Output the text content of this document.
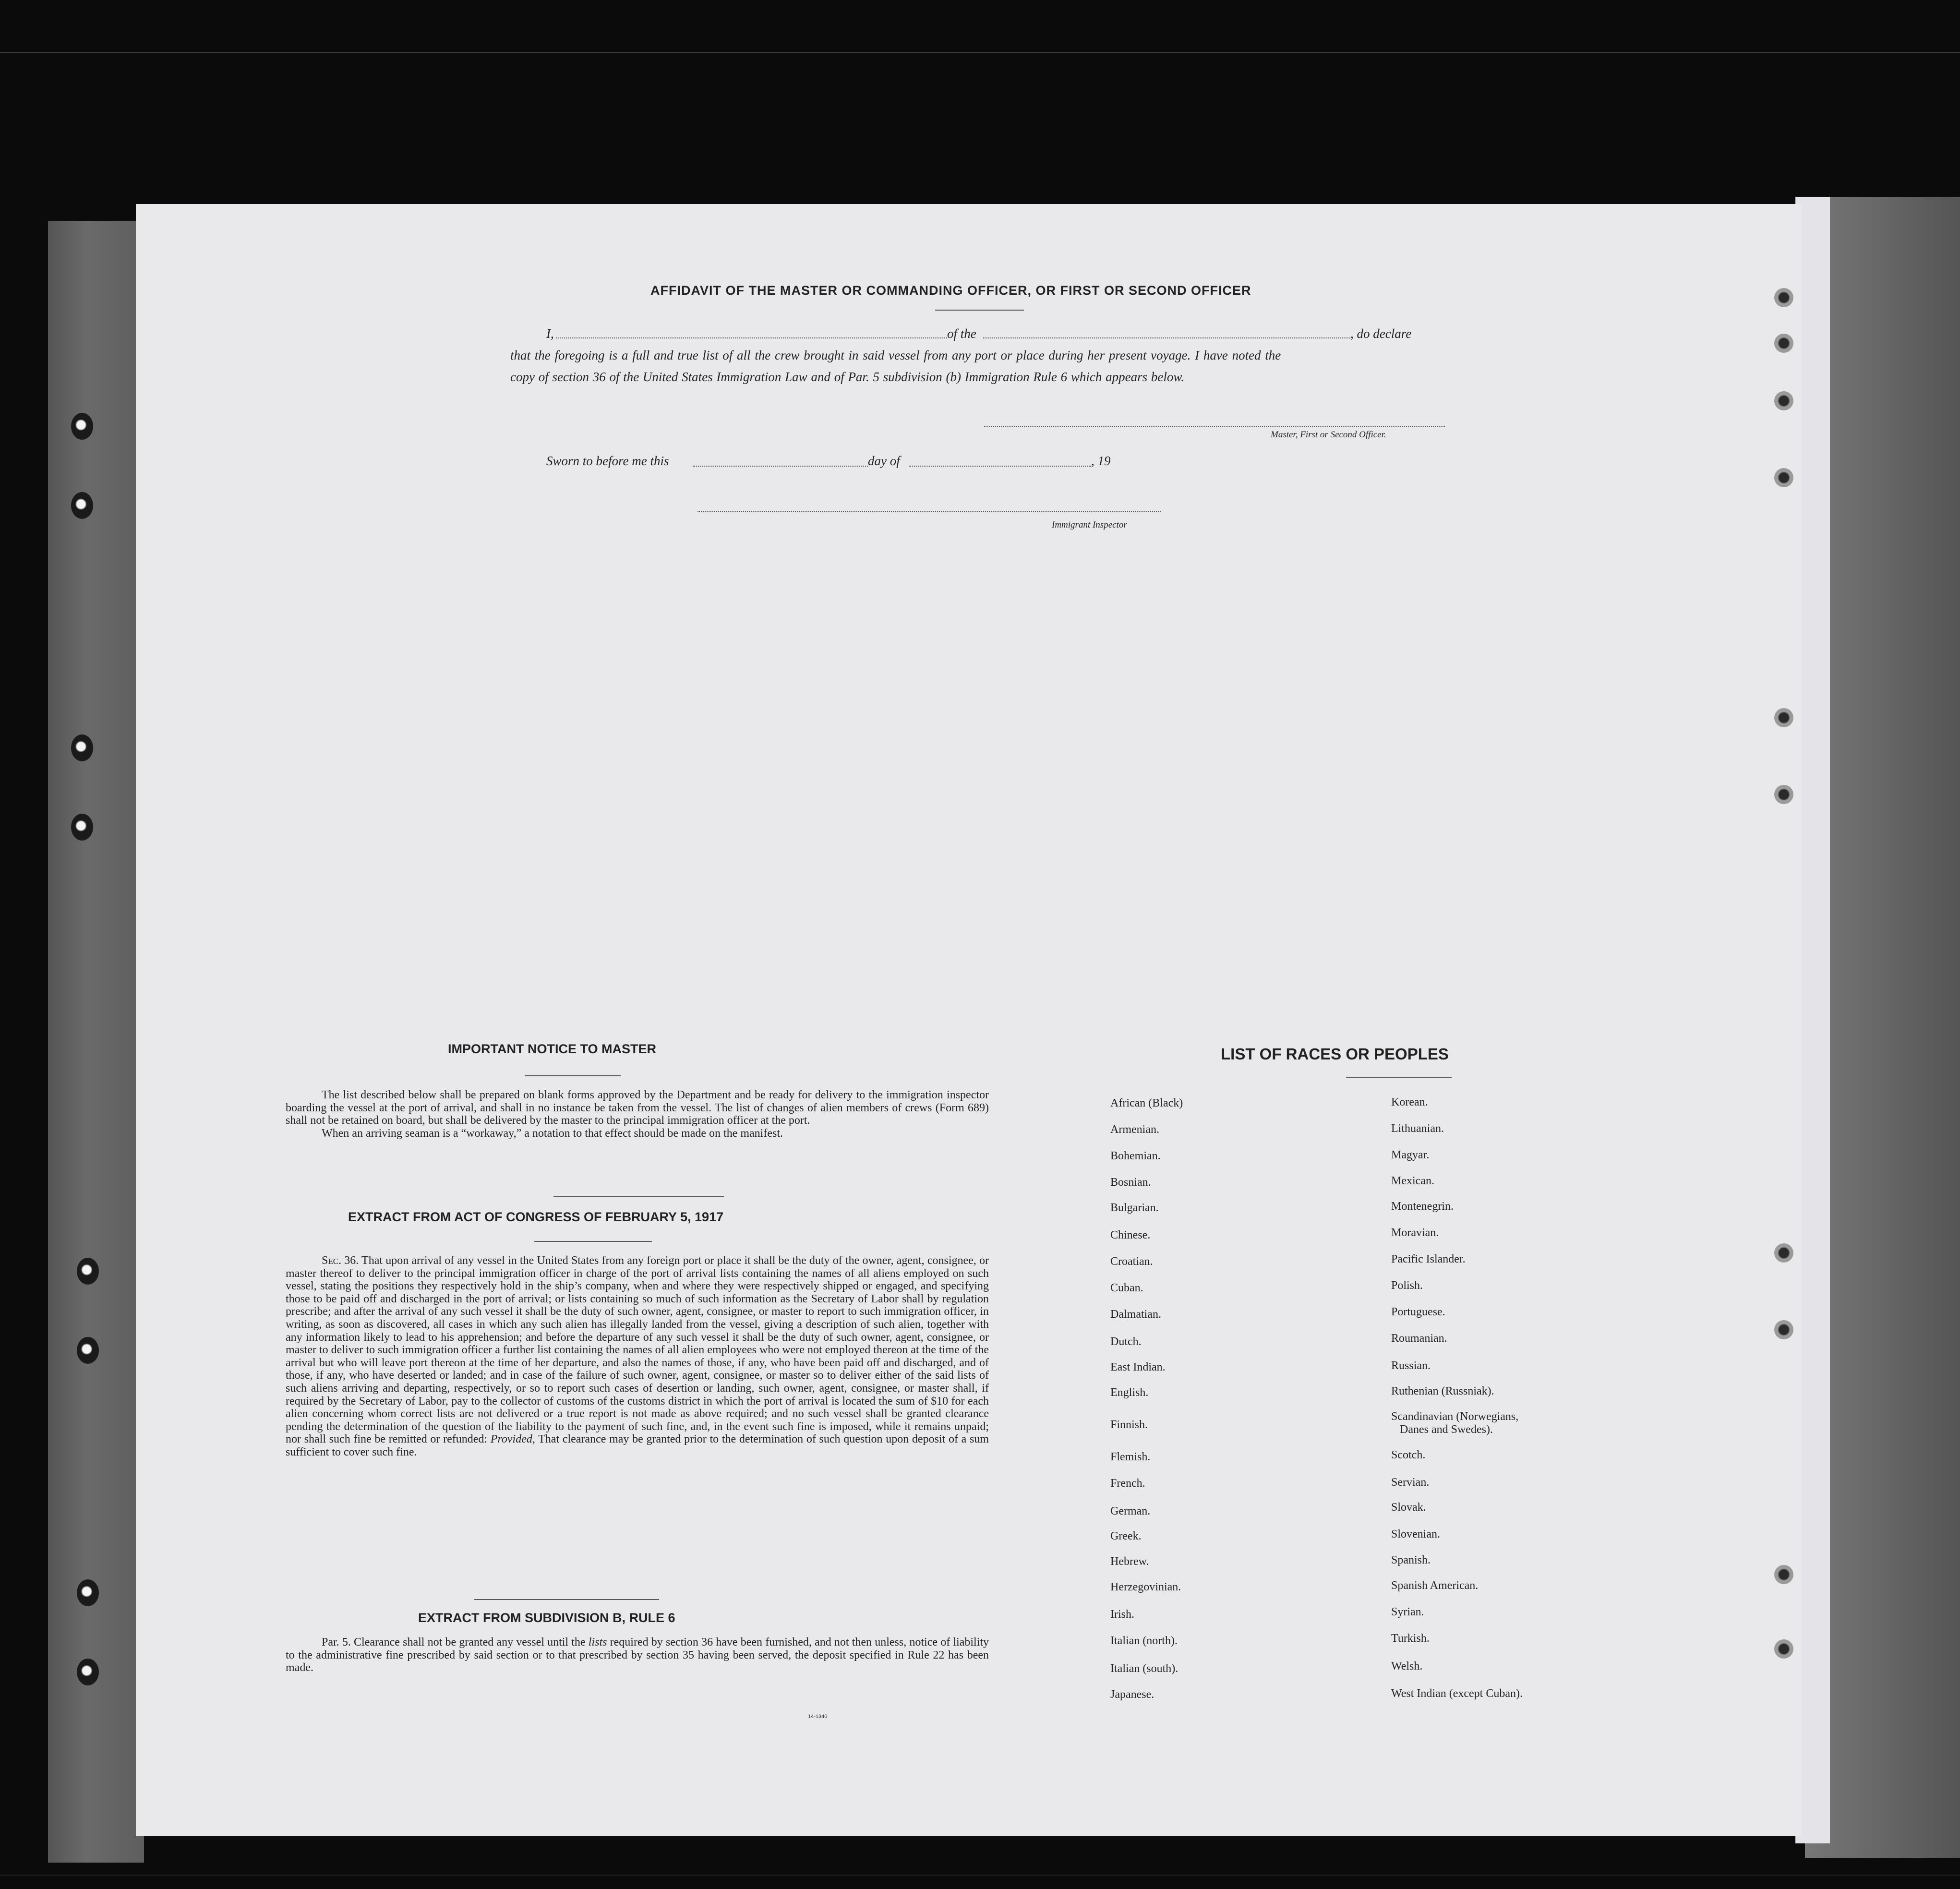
AFFIDAVIT OF THE MASTER OR COMMANDING OFFICER, OR FIRST OR SECOND OFFICER
I,	of the	, do declare
that the foregoing is a full and true list of all the crew brought in said vessel from any port or place during her present voyage. I have noted the
copy of section 36 of the United States Immigration Law and of Par. 5 subdivision (b) Immigration Rule 6 which appears below.
Master, First or Second Officer.
Sworn to before me this	day of	, 19
Immigrant Inspector
IMPORTANT NOTICE TO MASTER

The list described below shall be prepared on blank forms approved by the Department and be ready for delivery to the immigration inspector boarding the vessel at the port of arrival, and shall in no instance be taken from the vessel. The list of changes of alien members of crews (Form 689) shall not be retained on board, but shall be delivered by the master to the principal immigration officer at the port.

When an arriving seaman is a “workaway,” a notation to that effect should be made on the manifest.

EXTRACT FROM ACT OF CONGRESS OF FEBRUARY 5, 1917

Sec. 36. That upon arrival of any vessel in the United States from any foreign port or place it shall be the duty of the owner, agent, consignee, or master thereof to deliver to the principal immigration officer in charge of the port of arrival lists containing the names of all aliens employed on such vessel, stating the positions they respectively hold in the ship’s company, when and where they were respectively shipped or engaged, and specifying those to be paid off and discharged in the port of arrival; or lists containing so much of such information as the Secretary of Labor shall by regulation prescribe; and after the arrival of any such vessel it shall be the duty of such owner, agent, consignee, or master to report to such immigration officer, in writing, as soon as discovered, all cases in which any such alien has illegally landed from the vessel, giving a description of such alien, together with any information likely to lead to his apprehension; and before the departure of any such vessel it shall be the duty of such owner, agent, consignee, or master to deliver to such immigration officer a further list containing the names of all alien employees who were not employed thereon at the time of the arrival but who will leave port thereon at the time of her departure, and also the names of those, if any, who have been paid off and discharged, and of those, if any, who have deserted or landed; and in case of the failure of such owner, agent, consignee, or master so to deliver either of the said lists of such aliens arriving and departing, respectively, or so to report such cases of desertion or landing, such owner, agent, consignee, or master shall, if required by the Secretary of Labor, pay to the collector of customs of the customs district in which the port of arrival is located the sum of $10 for each alien concerning whom correct lists are not delivered or a true report is not made as above required; and no such vessel shall be granted clearance pending the determination of the question of the liability to the payment of such fine, and, in the event such fine is imposed, while it remains unpaid; nor shall such fine be remitted or refunded: Provided, That clearance may be granted prior to the determination of such question upon deposit of a sum sufficient to cover such fine.

EXTRACT FROM SUBDIVISION B, RULE 6

Par. 5. Clearance shall not be granted any vessel until the lists required by section 36 have been furnished, and not then unless, notice of liability to the administrative fine prescribed by said section or to that prescribed by section 35 having been served, the deposit specified in Rule 22 has been made.

14-1340
LIST OF RACES OR PEOPLES
African (Black)
Armenian.
Bohemian.
Bosnian.
Bulgarian.
Chinese.
Croatian.
Cuban.
Dalmatian.
Dutch.
East Indian.
English.
Finnish.
Flemish.
French.
German.
Greek.
Hebrew.
Herzegovinian.
Irish.
Italian (north).
Italian (south).
Japanese.
Korean.
Lithuanian.
Magyar.
Mexican.
Montenegrin.
Moravian.
Pacific Islander.
Polish.
Portuguese.
Roumanian.
Russian.
Ruthenian (Russniak).
Scandinavian (Norwegians,
Danes and Swedes).
Scotch.
Servian.
Slovak.
Slovenian.
Spanish.
Spanish American.
Syrian.
Turkish.
Welsh.
West Indian (except Cuban).
